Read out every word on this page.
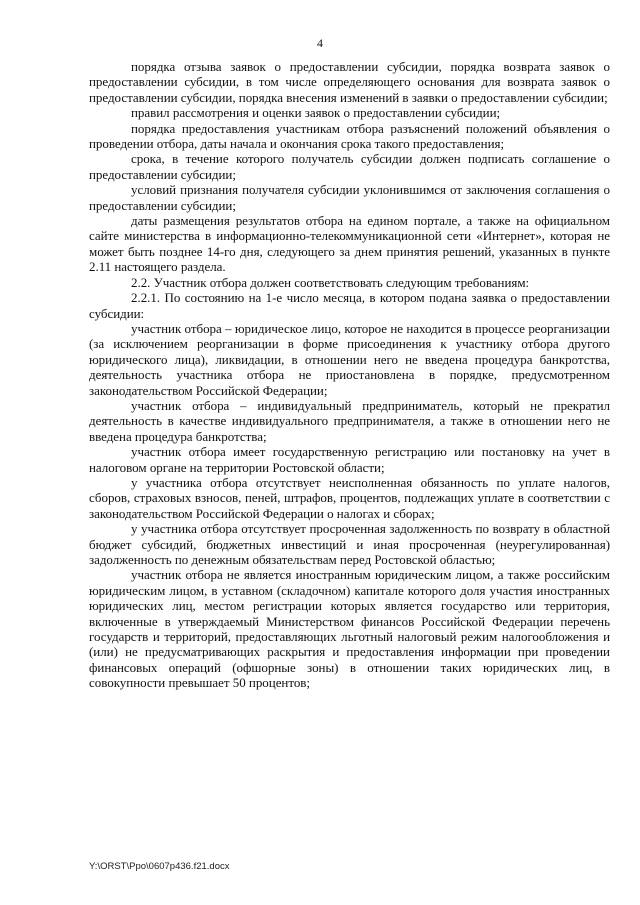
4

порядка отзыва заявок о предоставлении субсидии, порядка возврата заявок о предоставлении субсидии, в том числе определяющего основания для возврата заявок о предоставлении субсидии, порядка внесения изменений в заявки о предоставлении субсидии;

правил рассмотрения и оценки заявок о предоставлении субсидии;

порядка предоставления участникам отбора разъяснений положений объявления о проведении отбора, даты начала и окончания срока такого предоставления;

срока, в течение которого получатель субсидии должен подписать соглашение о предоставлении субсидии;

условий признания получателя субсидии уклонившимся от заключения соглашения о предоставлении субсидии;

даты размещения результатов отбора на едином портале, а также на официальном сайте министерства в информационно-телекоммуникационной сети «Интернет», которая не может быть позднее 14-го дня, следующего за днем принятия решений, указанных в пункте 2.11 настоящего раздела.

2.2. Участник отбора должен соответствовать следующим требованиям:

2.2.1. По состоянию на 1-е число месяца, в котором подана заявка о предоставлении субсидии:

участник отбора – юридическое лицо, которое не находится в процессе реорганизации (за исключением реорганизации в форме присоединения к участнику отбора другого юридического лица), ликвидации, в отношении него не введена процедура банкротства, деятельность участника отбора не приостановлена в порядке, предусмотренном законодательством Российской Федерации;

участник отбора – индивидуальный предприниматель, который не прекратил деятельность в качестве индивидуального предпринимателя, а также в отношении него не введена процедура банкротства;

участник отбора имеет государственную регистрацию или постановку на учет в налоговом органе на территории Ростовской области;

у участника отбора отсутствует неисполненная обязанность по уплате налогов, сборов, страховых взносов, пеней, штрафов, процентов, подлежащих уплате в соответствии с законодательством Российской Федерации о налогах и сборах;

у участника отбора отсутствует просроченная задолженность по возврату в областной бюджет субсидий, бюджетных инвестиций и иная просроченная (неурегулированная) задолженность по денежным обязательствам перед Ростовской областью;

участник отбора не является иностранным юридическим лицом, а также российским юридическим лицом, в уставном (складочном) капитале которого доля участия иностранных юридических лиц, местом регистрации которых является государство или территория, включенные в утверждаемый Министерством финансов Российской Федерации перечень государств и территорий, предоставляющих льготный налоговый режим налогообложения и (или) не предусматривающих раскрытия и предоставления информации при проведении финансовых операций (офшорные зоны) в отношении таких юридических лиц, в совокупности превышает 50 процентов;

Y:\ORST\Ppo\0607p436.f21.docx
